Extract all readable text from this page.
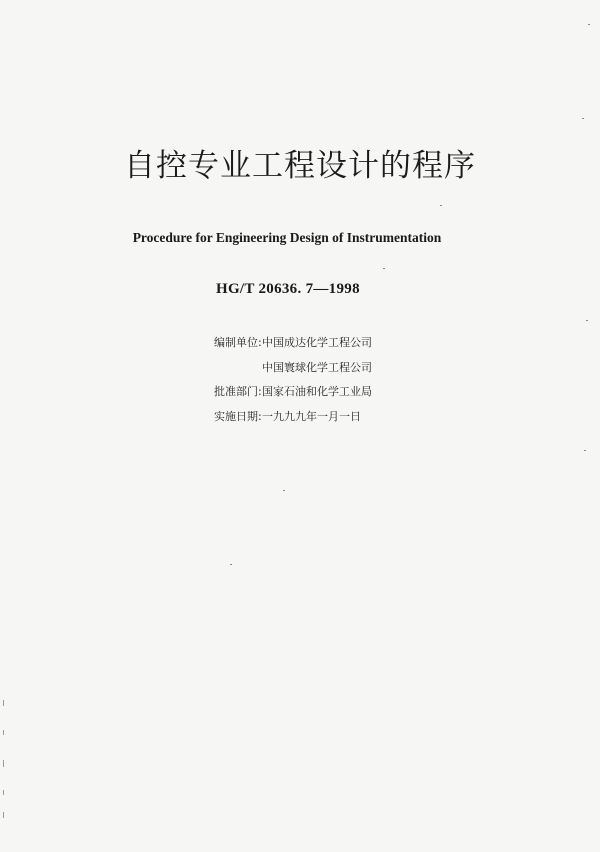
自控专业工程设计的程序
Procedure for Engineering Design of Instrumentation
HG/T 20636. 7—1998
编制单位: 中国成达化学工程公司
中国寰球化学工程公司
批准部门: 国家石油和化学工业局
实施日期: 一九九九年一月一日
